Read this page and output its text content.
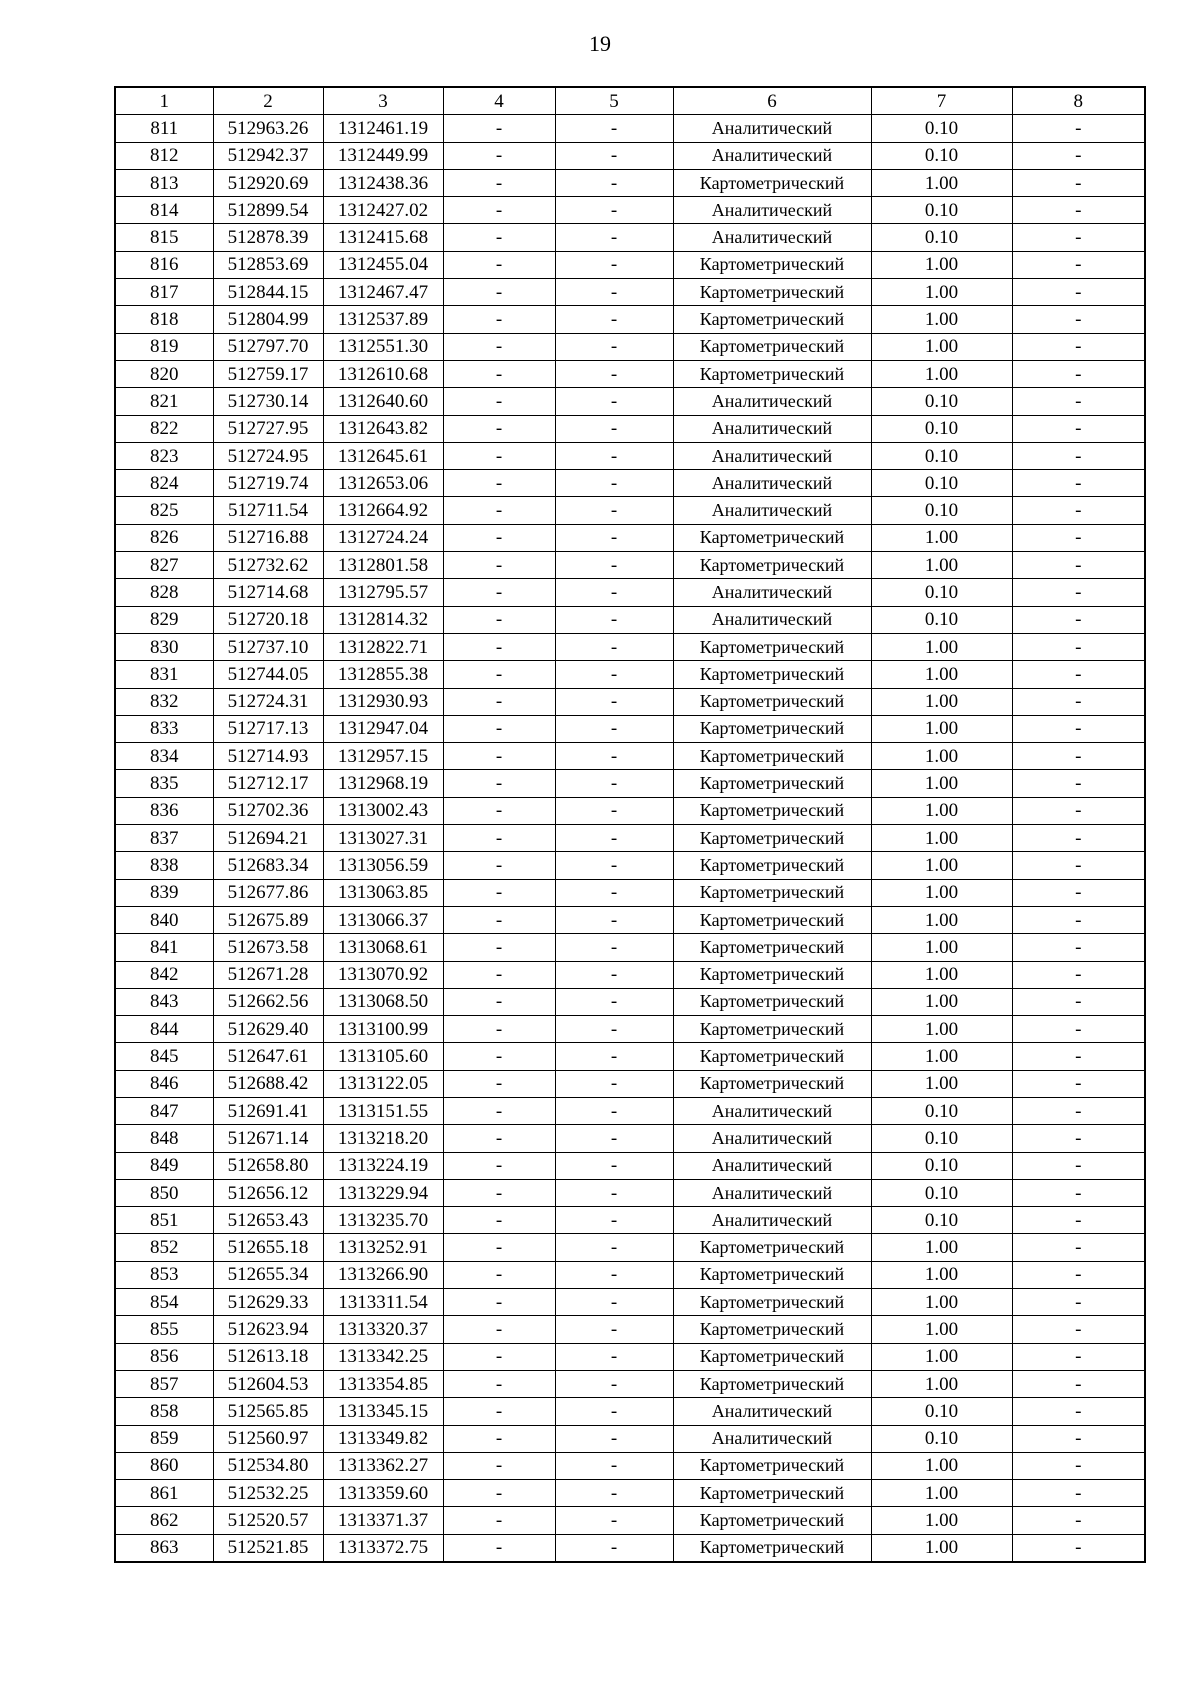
19
1	2	3	4	5	6	7	8
811	512963.26	1312461.19	-	-	Аналитический	0.10	-
812	512942.37	1312449.99	-	-	Аналитический	0.10	-
813	512920.69	1312438.36	-	-	Картометрический	1.00	-
814	512899.54	1312427.02	-	-	Аналитический	0.10	-
815	512878.39	1312415.68	-	-	Аналитический	0.10	-
816	512853.69	1312455.04	-	-	Картометрический	1.00	-
817	512844.15	1312467.47	-	-	Картометрический	1.00	-
818	512804.99	1312537.89	-	-	Картометрический	1.00	-
819	512797.70	1312551.30	-	-	Картометрический	1.00	-
820	512759.17	1312610.68	-	-	Картометрический	1.00	-
821	512730.14	1312640.60	-	-	Аналитический	0.10	-
822	512727.95	1312643.82	-	-	Аналитический	0.10	-
823	512724.95	1312645.61	-	-	Аналитический	0.10	-
824	512719.74	1312653.06	-	-	Аналитический	0.10	-
825	512711.54	1312664.92	-	-	Аналитический	0.10	-
826	512716.88	1312724.24	-	-	Картометрический	1.00	-
827	512732.62	1312801.58	-	-	Картометрический	1.00	-
828	512714.68	1312795.57	-	-	Аналитический	0.10	-
829	512720.18	1312814.32	-	-	Аналитический	0.10	-
830	512737.10	1312822.71	-	-	Картометрический	1.00	-
831	512744.05	1312855.38	-	-	Картометрический	1.00	-
832	512724.31	1312930.93	-	-	Картометрический	1.00	-
833	512717.13	1312947.04	-	-	Картометрический	1.00	-
834	512714.93	1312957.15	-	-	Картометрический	1.00	-
835	512712.17	1312968.19	-	-	Картометрический	1.00	-
836	512702.36	1313002.43	-	-	Картометрический	1.00	-
837	512694.21	1313027.31	-	-	Картометрический	1.00	-
838	512683.34	1313056.59	-	-	Картометрический	1.00	-
839	512677.86	1313063.85	-	-	Картометрический	1.00	-
840	512675.89	1313066.37	-	-	Картометрический	1.00	-
841	512673.58	1313068.61	-	-	Картометрический	1.00	-
842	512671.28	1313070.92	-	-	Картометрический	1.00	-
843	512662.56	1313068.50	-	-	Картометрический	1.00	-
844	512629.40	1313100.99	-	-	Картометрический	1.00	-
845	512647.61	1313105.60	-	-	Картометрический	1.00	-
846	512688.42	1313122.05	-	-	Картометрический	1.00	-
847	512691.41	1313151.55	-	-	Аналитический	0.10	-
848	512671.14	1313218.20	-	-	Аналитический	0.10	-
849	512658.80	1313224.19	-	-	Аналитический	0.10	-
850	512656.12	1313229.94	-	-	Аналитический	0.10	-
851	512653.43	1313235.70	-	-	Аналитический	0.10	-
852	512655.18	1313252.91	-	-	Картометрический	1.00	-
853	512655.34	1313266.90	-	-	Картометрический	1.00	-
854	512629.33	1313311.54	-	-	Картометрический	1.00	-
855	512623.94	1313320.37	-	-	Картометрический	1.00	-
856	512613.18	1313342.25	-	-	Картометрический	1.00	-
857	512604.53	1313354.85	-	-	Картометрический	1.00	-
858	512565.85	1313345.15	-	-	Аналитический	0.10	-
859	512560.97	1313349.82	-	-	Аналитический	0.10	-
860	512534.80	1313362.27	-	-	Картометрический	1.00	-
861	512532.25	1313359.60	-	-	Картометрический	1.00	-
862	512520.57	1313371.37	-	-	Картометрический	1.00	-
863	512521.85	1313372.75	-	-	Картометрический	1.00	-
